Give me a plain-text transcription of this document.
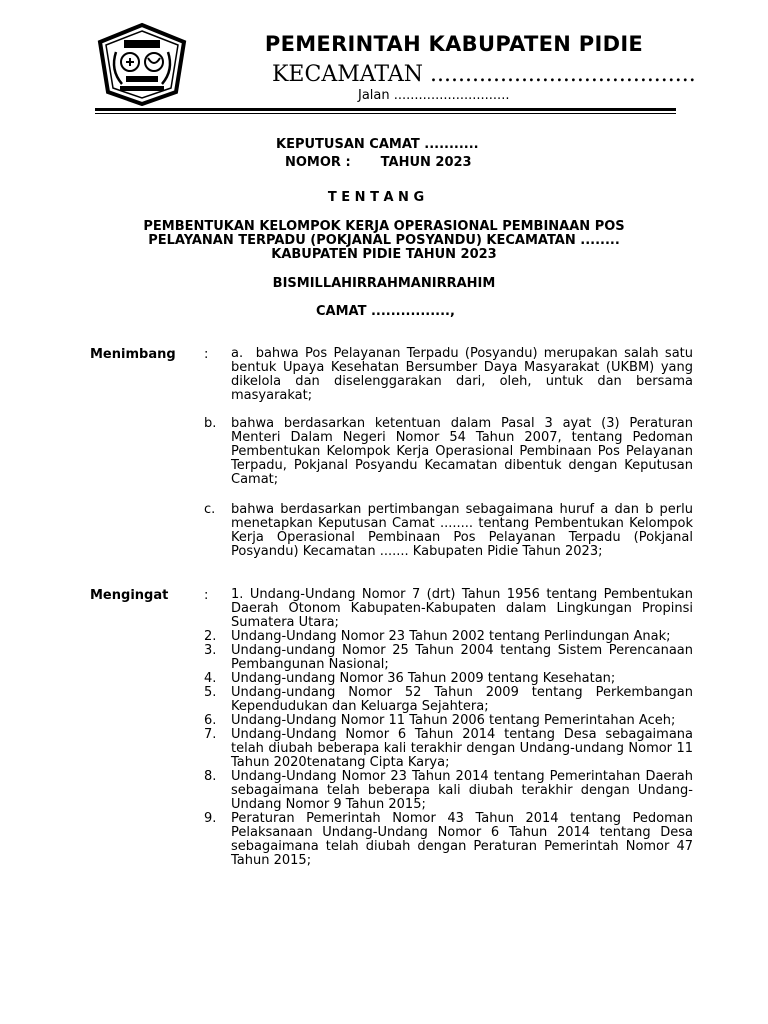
PEMERINTAH KABUPATEN PIDIE
KECAMATAN ......................................
Jalan ............................
KEPUTUSAN CAMAT ...........
NOMOR : TAHUN 2023
T E N T A N G
PEMBENTUKAN KELOMPOK KERJA OPERASIONAL PEMBINAAN POS
PELAYANAN TERPADU (POKJANAL POSYANDU) KECAMATAN ........
KABUPATEN PIDIE TAHUN 2023
BISMILLAHIRRAHMANIRRAHIM
CAMAT ................,
Menimbang : a. bahwa Pos Pelayanan Terpadu (Posyandu) merupakan salah satu bentuk Upaya Kesehatan Bersumber Daya Masyarakat (UKBM) yang dikelola dan diselenggarakan dari, oleh, untuk dan bersama masyarakat;
b. bahwa berdasarkan ketentuan dalam Pasal 3 ayat (3) Peraturan Menteri Dalam Negeri Nomor 54 Tahun 2007, tentang Pedoman Pembentukan Kelompok Kerja Operasional Pembinaan Pos Pelayanan Terpadu, Pokjanal Posyandu Kecamatan dibentuk dengan Keputusan Camat;
c. bahwa berdasarkan pertimbangan sebagaimana huruf a dan b perlu menetapkan Keputusan Camat ........ tentang Pembentukan Kelompok Kerja Operasional Pembinaan Pos Pelayanan Terpadu (Pokjanal Posyandu) Kecamatan ....... Kabupaten Pidie Tahun 2023;
Mengingat	: 1. Undang-Undang Nomor 7 (drt) Tahun 1956 tentang Pembentukan Daerah Otonom Kabupaten-Kabupaten dalam Lingkungan Propinsi Sumatera Utara;
2. Undang-Undang Nomor 23 Tahun 2002 tentang Perlindungan Anak;
3. Undang-undang Nomor 25 Tahun 2004 tentang Sistem Perencanaan Pembangunan Nasional;
4. Undang-undang Nomor 36 Tahun 2009 tentang Kesehatan;
5. Undang-undang Nomor 52 Tahun 2009 tentang Perkembangan Kependudukan dan Keluarga Sejahtera;
6. Undang-Undang Nomor 11 Tahun 2006 tentang Pemerintahan Aceh;
7. Undang-Undang Nomor 6 Tahun 2014 tentang Desa sebagaimana telah diubah beberapa kali terakhir dengan Undang-undang Nomor 11 Tahun 2020tenatang Cipta Karya;
8. Undang-Undang Nomor 23 Tahun 2014 tentang Pemerintahan Daerah sebagaimana telah beberapa kali diubah terakhir dengan Undang-Undang Nomor 9 Tahun 2015;
9. Peraturan Pemerintah Nomor 43 Tahun 2014 tentang Pedoman Pelaksanaan Undang-Undang Nomor 6 Tahun 2014 tentang Desa sebagaimana telah diubah dengan Peraturan Pemerintah Nomor 47 Tahun 2015;
